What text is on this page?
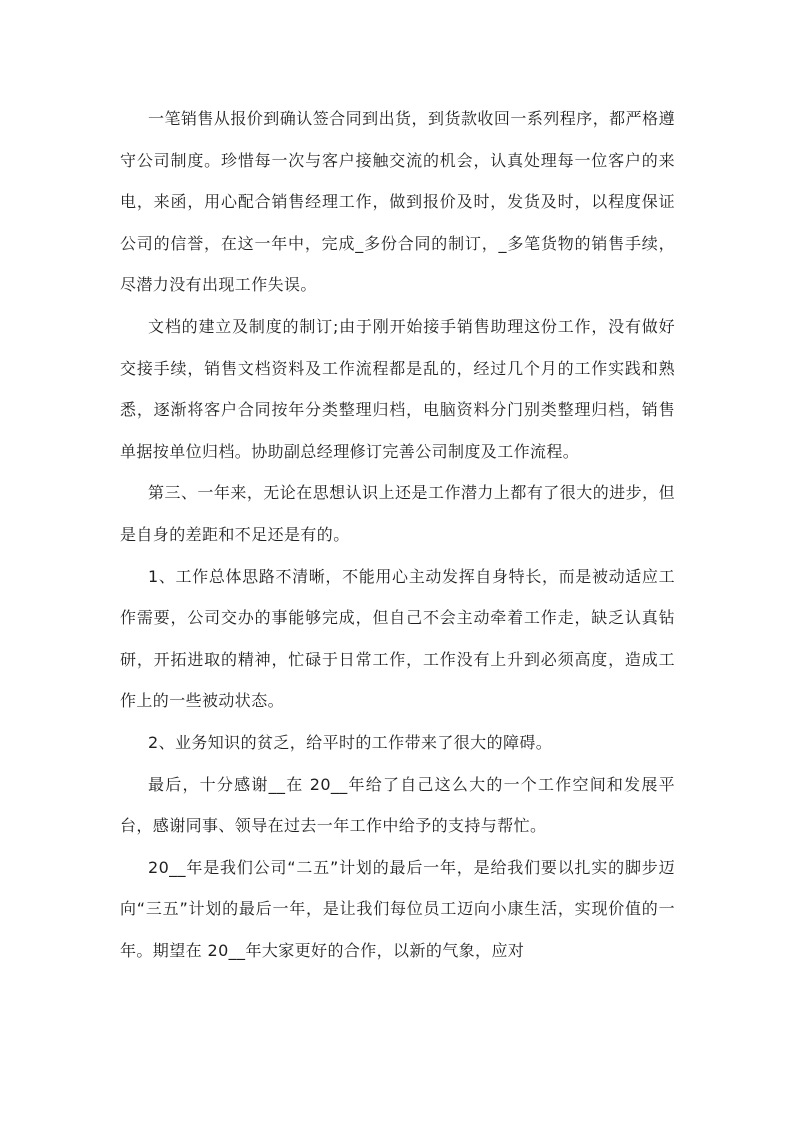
一笔销售从报价到确认签合同到出货，到货款收回一系列程序，都严格遵守公司制度。珍惜每一次与客户接触交流的机会，认真处理每一位客户的来电，来函，用心配合销售经理工作，做到报价及时，发货及时，以程度保证公司的信誉，在这一年中，完成_多份合同的制订，_多笔货物的销售手续，尽潜力没有出现工作失误。

文档的建立及制度的制订;由于刚开始接手销售助理这份工作，没有做好交接手续，销售文档资料及工作流程都是乱的，经过几个月的工作实践和熟悉，逐渐将客户合同按年分类整理归档，电脑资料分门别类整理归档，销售单据按单位归档。协助副总经理修订完善公司制度及工作流程。

第三、一年来，无论在思想认识上还是工作潜力上都有了很大的进步，但是自身的差距和不足还是有的。

1、工作总体思路不清晰，不能用心主动发挥自身特长，而是被动适应工作需要，公司交办的事能够完成，但自己不会主动牵着工作走，缺乏认真钻研，开拓进取的精神，忙碌于日常工作，工作没有上升到必须高度，造成工作上的一些被动状态。

2、业务知识的贫乏，给平时的工作带来了很大的障碍。

最后，十分感谢__在 20__年给了自己这么大的一个工作空间和发展平台，感谢同事、领导在过去一年工作中给予的支持与帮忙。

20__年是我们公司“二五”计划的最后一年，是给我们要以扎实的脚步迈向“三五”计划的最后一年，是让我们每位员工迈向小康生活，实现价值的一年。期望在 20__年大家更好的合作，以新的气象，应对
